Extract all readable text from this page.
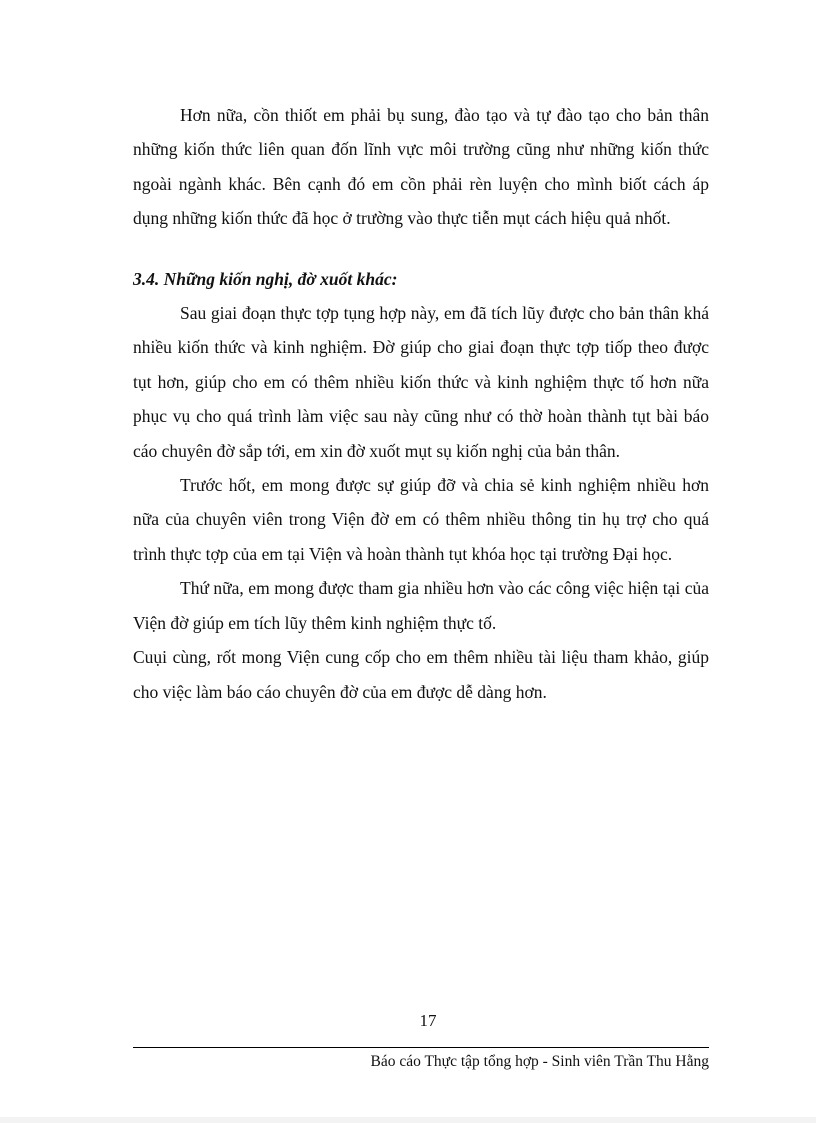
Hơn nữa, cồn thiốt em phải bụ sung, đào tạo và tự đào tạo cho bản thân những kiốn thức liên quan đốn lĩnh vực môi trường cũng như những kiốn thức ngoài ngành khác. Bên cạnh đó em cồn phải rèn luyện cho mình biốt cách áp dụng những kiốn thức đã học ở trường vào thực tiễn mụt cách hiệu quả nhốt.

3.4. Những kiốn nghị, đờ xuốt khác:

Sau giai đoạn thực tợp tụng hợp này, em đã tích lũy được cho bản thân khá nhiều kiốn thức và kinh nghiệm. Đờ giúp cho giai đoạn thực tợp tiốp theo được tụt hơn, giúp cho em có thêm nhiều kiốn thức và kinh nghiệm thực tố hơn nữa phục vụ cho quá trình làm việc sau này cũng như có thờ hoàn thành tụt bài báo cáo chuyên đờ sắp tới, em xin đờ xuốt mụt sụ kiốn nghị của bản thân.

Trước hốt, em mong được sự giúp đỡ và chia sẻ kinh nghiệm nhiều hơn nữa của chuyên viên trong Viện đờ em có thêm nhiều thông tin hụ trợ cho quá trình thực tợp của em tại Viện và hoàn thành tụt khóa học tại trường Đại học.

Thứ nữa, em mong được tham gia nhiều hơn vào các công việc hiện tại của Viện đờ giúp em tích lũy thêm kinh nghiệm thực tố.

Cuụi cùng, rốt mong Viện cung cốp cho em thêm nhiều tài liệu tham khảo, giúp cho việc làm báo cáo chuyên đờ của em được dễ dàng hơn.

17
Báo cáo Thực tập tổng hợp - Sinh viên Trần Thu Hằng
